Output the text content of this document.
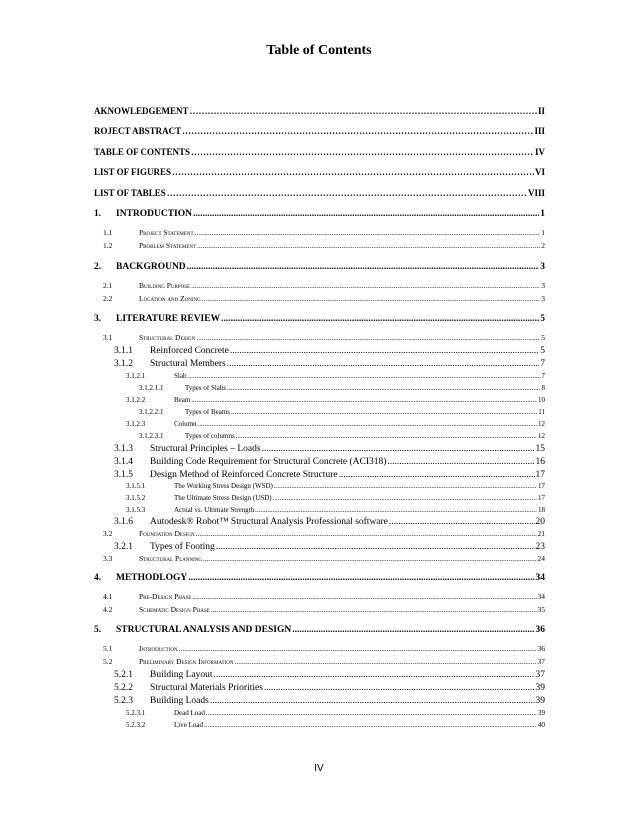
Table of Contents
AKNOWLEDGEMENT …………………………………………………………………………………………………………………………………………………………………………………………………………………………	II
ROJECT ABSTRACT …………………………………………………………………………………………………………………………………………………………………………………………………………………………	III
TABLE OF CONTENTS …………………………………………………………………………………………………………………………………………………………………………………………………………………………	IV
LIST OF FIGURES …………………………………………………………………………………………………………………………………………………………………………………………………………………………	VI
LIST OF TABLES …………………………………………………………………………………………………………………………………………………………………………………………………………………………	VIII
1.	INTRODUCTION .....	1
1.1	Project Statement .....	1
1.2	Problem Statement .....	2
2.	BACKGROUND .....	3
2.1	Building Purpose .....	3
2.2	Location and Zoning .....	3
3.	LITERATURE REVIEW .....	5
3.1	Structural Design .....	5
3.1.1	Reinforced Concrete .....	5
3.1.2	Structural Members .....	7
3.1.2.1	Slab .....	7
3.1.2.1.1	Types of Slabs .....	8
3.1.2.2	Beam .....	10
3.1.2.2.1	Types of Beams .....	11
3.1.2.3	Column .....	12
3.1.2.3.1	Types of columns .....	12
3.1.3	Structural Principles – Loads .....	15
3.1.4	Building Code Requirement for Structural Concrete (ACI318) .....	16
3.1.5	Design Method of Reinforced Concrete Structure .....	17
3.1.5.1	The Working Stress Design (WSD) .....	17
3.1.5.2	The Ultimate Stress Design (USD) .....	17
3.1.5.3	Actual vs. Ultimate Strength .....	18
3.1.6	Autodesk® Robot™ Structural Analysis Professional software .....	20
3.2	Foundation Design .....	21
3.2.1	Types of Footing .....	23
3.3	Structural Planning .....	24
4.	METHODLOGY .....	34
4.1	Pre-Design Phase .....	34
4.2	Schematic Design Phase .....	35
5.	STRUCTURAL ANALYSIS AND DESIGN .....	36
5.1	Introduction .....	36
5.2	Preliminary Design Information .....	37
5.2.1	Building Layout .....	37
5.2.2	Structural Materials Priorities .....	39
5.2.3	Building Loads .....	39
5.2.3.1	Dead Load .....	39
5.2.3.2	Live Load .....	40
IV
